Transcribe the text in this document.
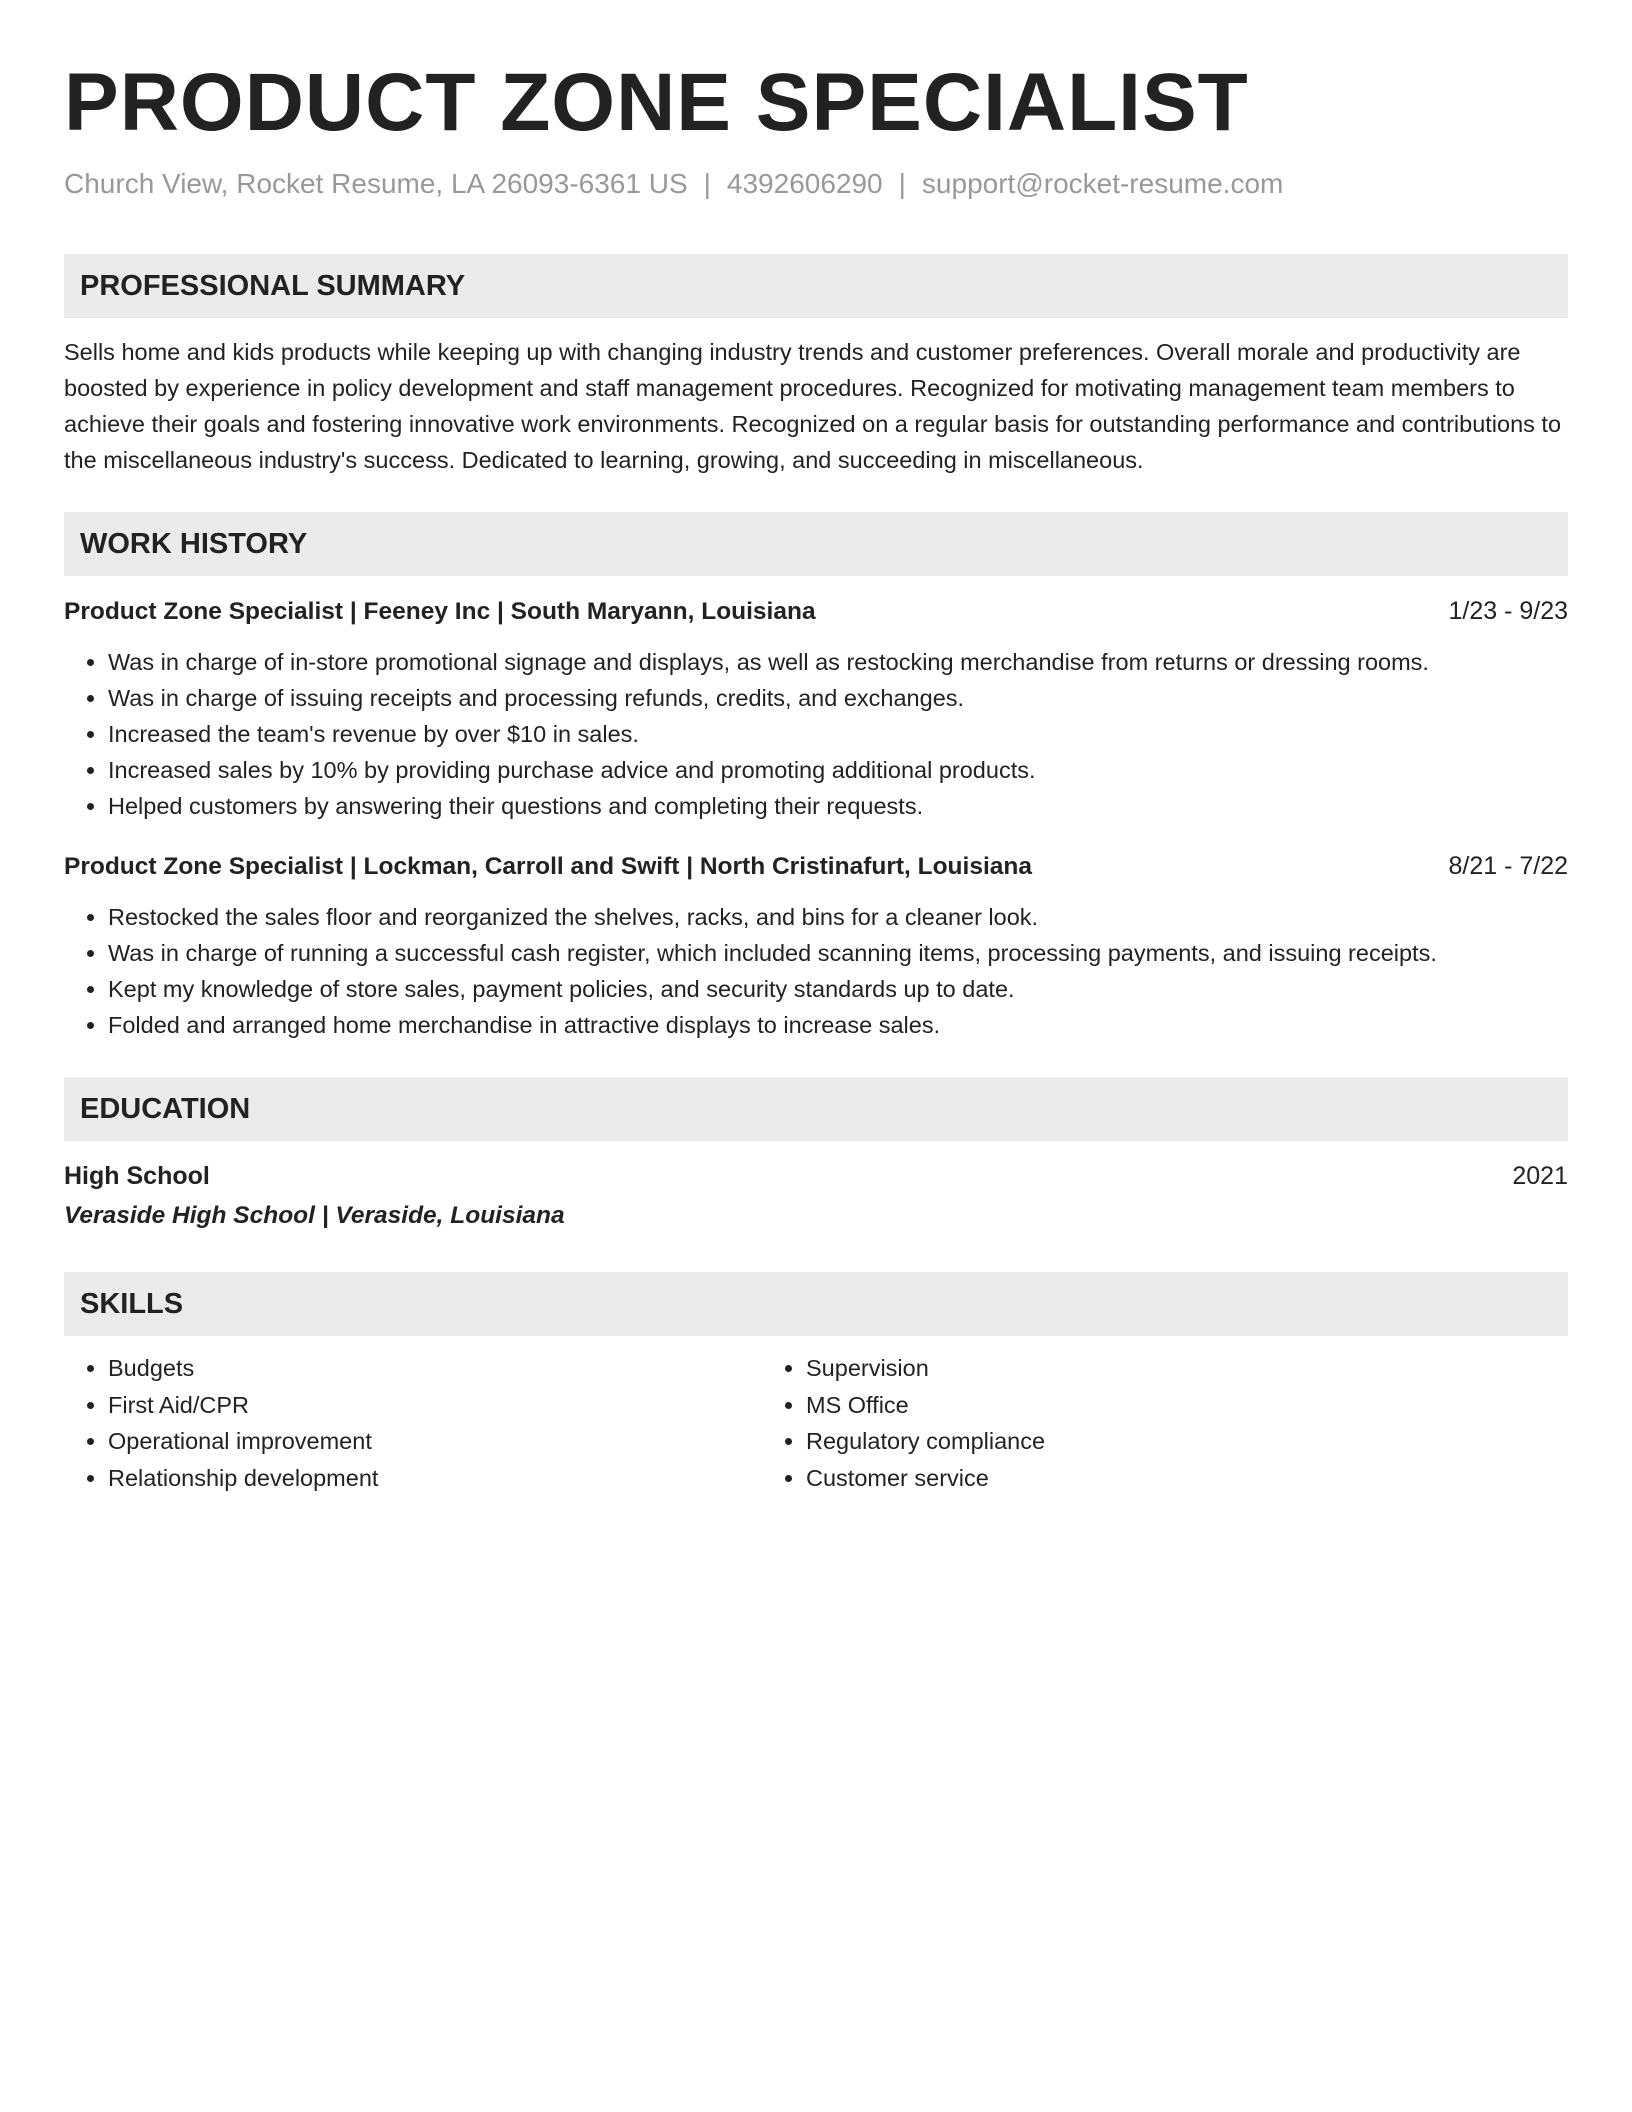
PRODUCT ZONE SPECIALIST
Church View, Rocket Resume, LA 26093-6361 US | 4392606290 | support@rocket-resume.com
PROFESSIONAL SUMMARY

Sells home and kids products while keeping up with changing industry trends and customer preferences. Overall morale and productivity are boosted by experience in policy development and staff management procedures. Recognized for motivating management team members to achieve their goals and fostering innovative work environments. Recognized on a regular basis for outstanding performance and contributions to the miscellaneous industry's success. Dedicated to learning, growing, and succeeding in miscellaneous.

WORK HISTORY
Product Zone Specialist | Feeney Inc | South Maryann, Louisiana	1/23 - 9/23
• Was in charge of in-store promotional signage and displays, as well as restocking merchandise from returns or dressing rooms.
• Was in charge of issuing receipts and processing refunds, credits, and exchanges.
• Increased the team's revenue by over $10 in sales.
• Increased sales by 10% by providing purchase advice and promoting additional products.
• Helped customers by answering their questions and completing their requests.
Product Zone Specialist | Lockman, Carroll and Swift | North Cristinafurt, Louisiana	8/21 - 7/22
• Restocked the sales floor and reorganized the shelves, racks, and bins for a cleaner look.
• Was in charge of running a successful cash register, which included scanning items, processing payments, and issuing receipts.
• Kept my knowledge of store sales, payment policies, and security standards up to date.
• Folded and arranged home merchandise in attractive displays to increase sales.
EDUCATION
High School	2021
Veraside High School | Veraside, Louisiana
SKILLS
• Budgets
• First Aid/CPR
• Operational improvement
• Relationship development
• Supervision
• MS Office
• Regulatory compliance
• Customer service
